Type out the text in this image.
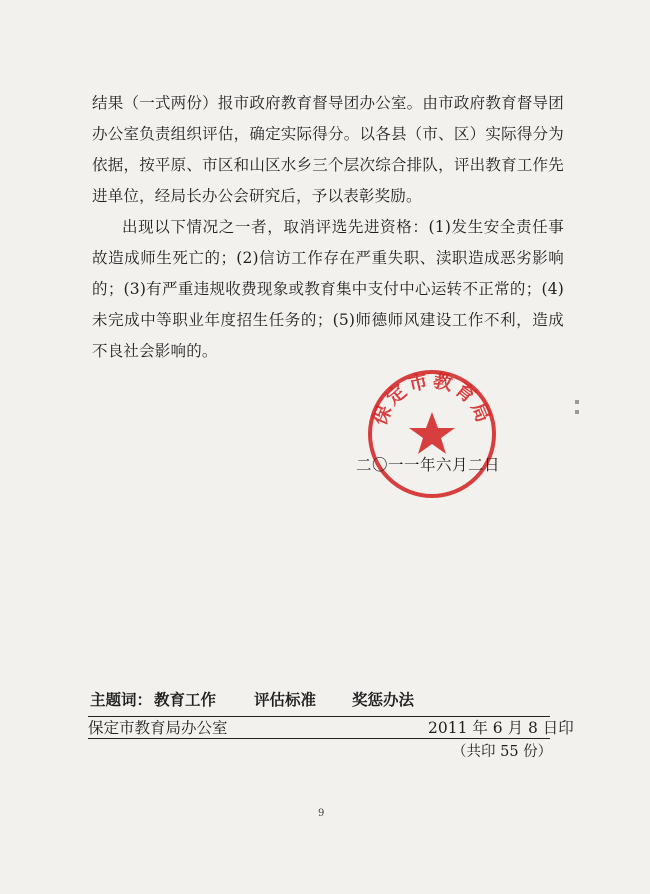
结果（一式两份）报市政府教育督导团办公室。由市政府教育督导团办公室负责组织评估，确定实际得分。以各县（市、区）实际得分为依据，按平原、市区和山区水乡三个层次综合排队，评出教育工作先进单位，经局长办公会研究后，予以表彰奖励。

出现以下情况之一者，取消评选先进资格：(1)发生安全责任事故造成师生死亡的；(2)信访工作存在严重失职、渎职造成恶劣影响的；(3)有严重违规收费现象或教育集中支付中心运转不正常的；(4)未完成中等职业年度招生任务的；(5)师德师风建设工作不利，造成不良社会影响的。

保定市教育局
二〇一一年六月二日
主题词： 教育工作 评估标准 奖惩办法
保定市教育局办公室	2011 年 6 月 8 日印
（共印 55 份）
9
